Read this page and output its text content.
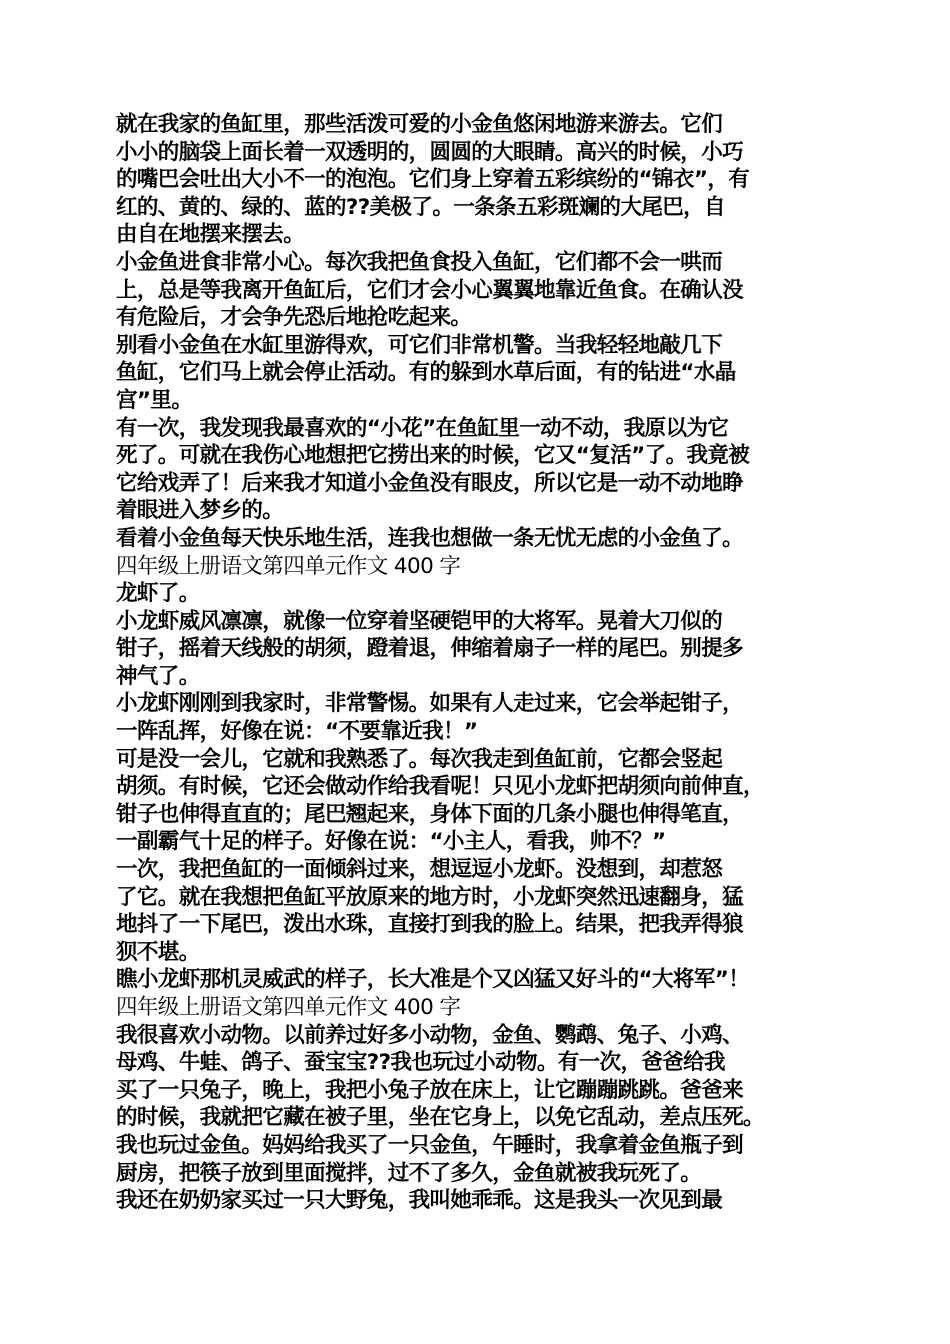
就在我家的鱼缸里，那些活泼可爱的小金鱼悠闲地游来游去。它们
小小的脑袋上面长着一双透明的，圆圆的大眼睛。高兴的时候，小巧
的嘴巴会吐出大小不一的泡泡。它们身上穿着五彩缤纷的“锦衣”，有
红的、黄的、绿的、蓝的??美极了。一条条五彩斑斓的大尾巴，自
由自在地摆来摆去。
小金鱼进食非常小心。每次我把鱼食投入鱼缸，它们都不会一哄而
上，总是等我离开鱼缸后，它们才会小心翼翼地靠近鱼食。在确认没
有危险后，才会争先恐后地抢吃起来。
别看小金鱼在水缸里游得欢，可它们非常机警。当我轻轻地敲几下
鱼缸，它们马上就会停止活动。有的躲到水草后面，有的钻进“水晶
宫”里。
有一次，我发现我最喜欢的“小花”在鱼缸里一动不动，我原以为它
死了。可就在我伤心地想把它捞出来的时候，它又“复活”了。我竟被
它给戏弄了！后来我才知道小金鱼没有眼皮，所以它是一动不动地睁
着眼进入梦乡的。
看着小金鱼每天快乐地生活，连我也想做一条无忧无虑的小金鱼了。
四年级上册语文第四单元作文 400 字
龙虾了。
小龙虾威风凛凛，就像一位穿着坚硬铠甲的大将军。晃着大刀似的
钳子，摇着天线般的胡须，蹬着退，伸缩着扇子一样的尾巴。别提多
神气了。
小龙虾刚刚到我家时，非常警惕。如果有人走过来，它会举起钳子，
一阵乱挥，好像在说：“不要靠近我！”
可是没一会儿，它就和我熟悉了。每次我走到鱼缸前，它都会竖起
胡须。有时候，它还会做动作给我看呢！只见小龙虾把胡须向前伸直，
钳子也伸得直直的；尾巴翘起来，身体下面的几条小腿也伸得笔直，
一副霸气十足的样子。好像在说：“小主人，看我，帅不？”
一次，我把鱼缸的一面倾斜过来，想逗逗小龙虾。没想到，却惹怒
了它。就在我想把鱼缸平放原来的地方时，小龙虾突然迅速翻身，猛
地抖了一下尾巴，泼出水珠，直接打到我的脸上。结果，把我弄得狼
狈不堪。
瞧小龙虾那机灵威武的样子，长大准是个又凶猛又好斗的“大将军”！
四年级上册语文第四单元作文 400 字
我很喜欢小动物。以前养过好多小动物，金鱼、鹦鹉、兔子、小鸡、
母鸡、牛蛙、鸽子、蚕宝宝??我也玩过小动物。有一次，爸爸给我
买了一只兔子，晚上，我把小兔子放在床上，让它蹦蹦跳跳。爸爸来
的时候，我就把它藏在被子里，坐在它身上，以免它乱动，差点压死。
我也玩过金鱼。妈妈给我买了一只金鱼，午睡时，我拿着金鱼瓶子到
厨房，把筷子放到里面搅拌，过不了多久，金鱼就被我玩死了。
我还在奶奶家买过一只大野兔，我叫她乖乖。这是我头一次见到最
